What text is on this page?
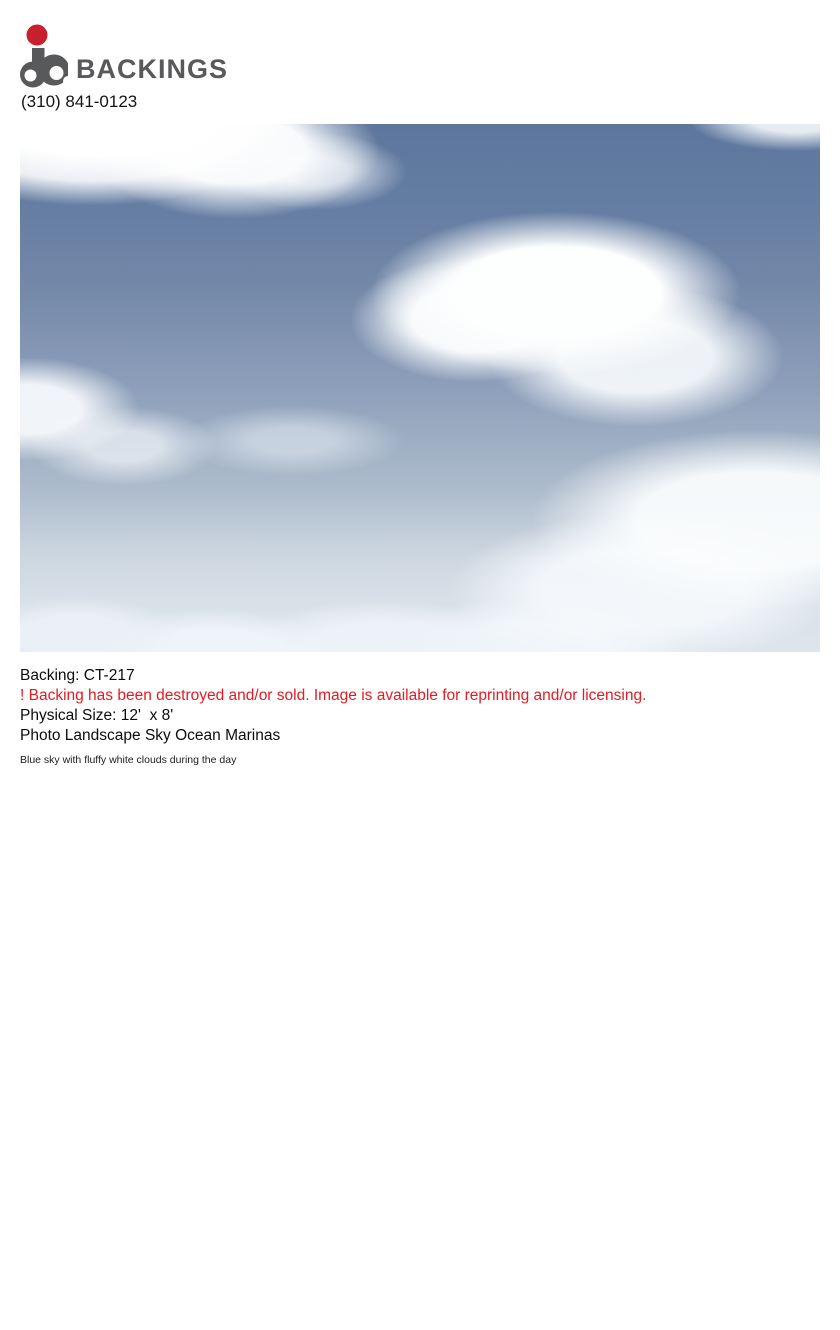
BACKINGS
(310) 841-0123
Backing: CT-217
! Backing has been destroyed and/or sold. Image is available for reprinting and/or licensing.
Physical Size: 12'  x 8'
Photo Landscape Sky Ocean Marinas
Blue sky with fluffy white clouds during the day
